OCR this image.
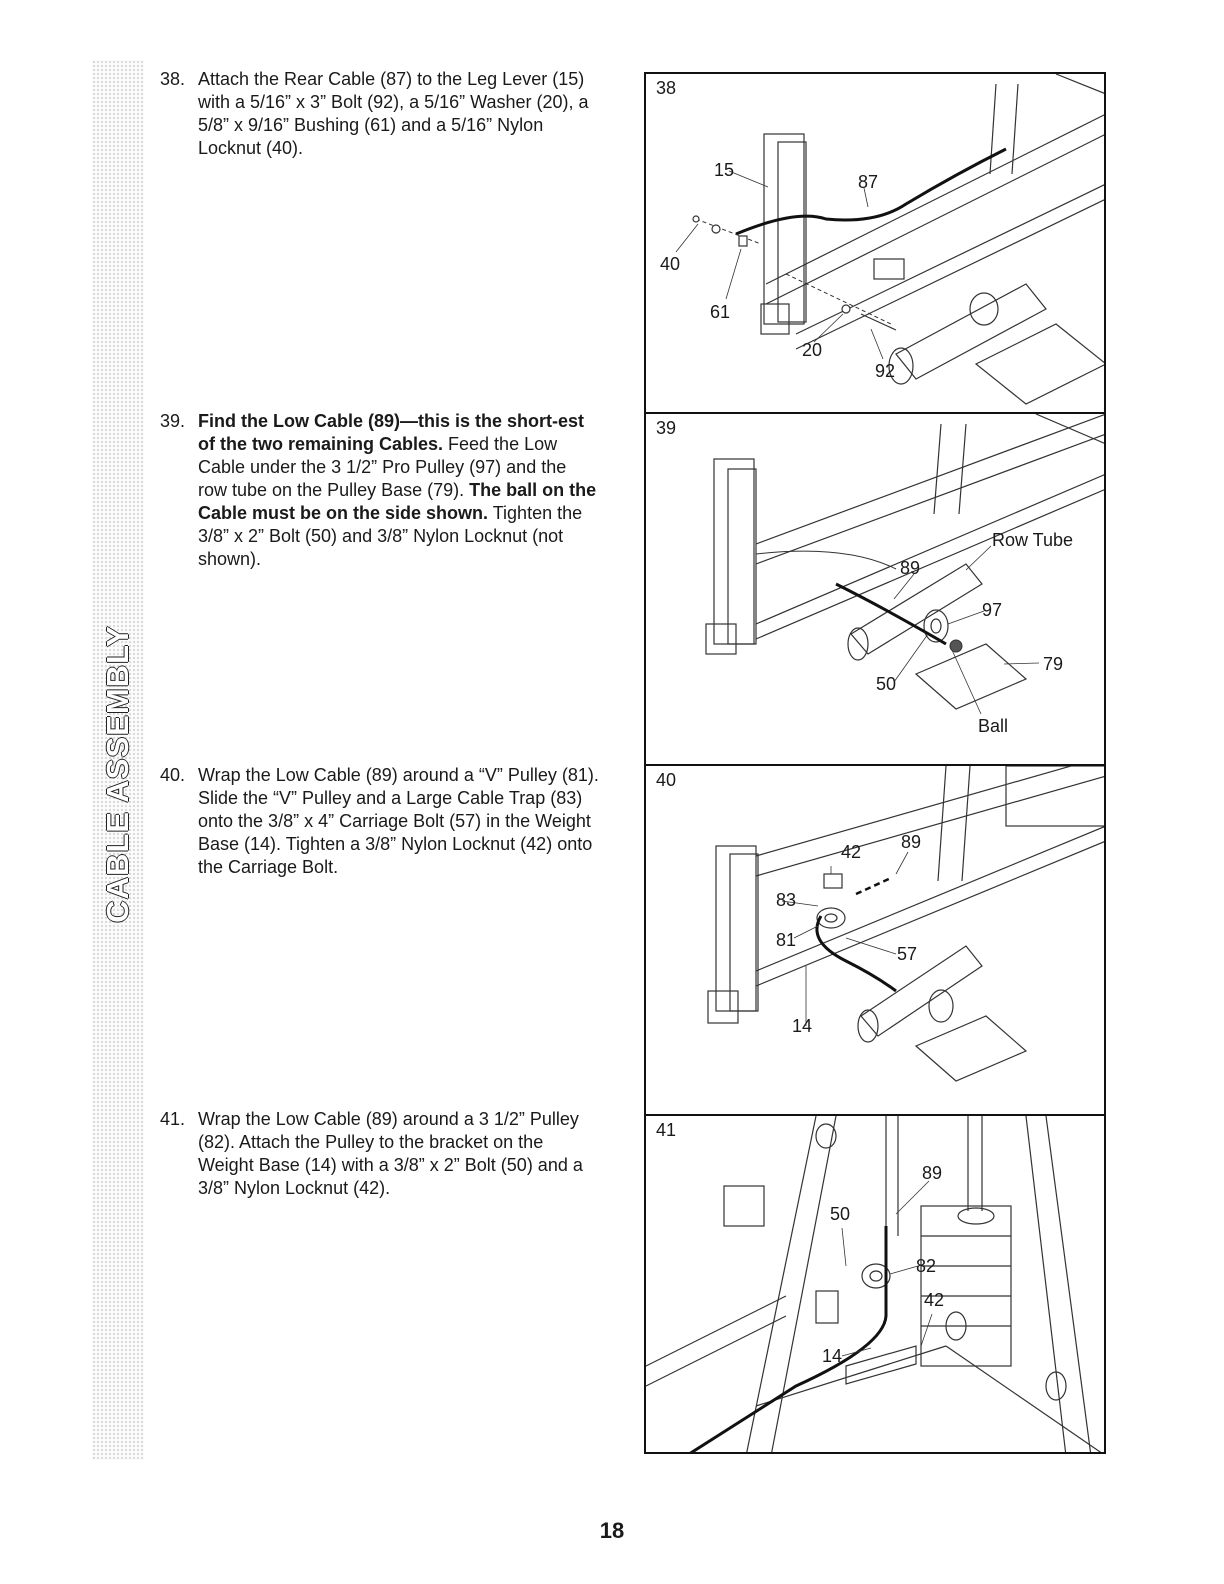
CABLE ASSEMBLY
38. Attach the Rear Cable (87) to the Leg Lever (15) with a 5/16” x 3” Bolt (92), a 5/16” Washer (20), a 5/8” x 9/16” Bushing (61) and a 5/16” Nylon Locknut (40).
39. Find the Low Cable (89)—this is the short-est of the two remaining Cables. Feed the Low Cable under the 3 1/2” Pro Pulley (97) and the row tube on the Pulley Base (79). The ball on the Cable must be on the side shown. Tighten the 3/8” x 2” Bolt (50) and 3/8” Nylon Locknut (not shown).
40. Wrap the Low Cable (89) around a “V” Pulley (81). Slide the “V” Pulley and a Large Cable Trap (83) onto the 3/8” x 4” Carriage Bolt (57) in the Weight Base (14). Tighten a 3/8” Nylon Locknut (42) onto the Carriage Bolt.
41. Wrap the Low Cable (89) around a 3 1/2” Pulley (82). Attach the Pulley to the bracket on the Weight Base (14) with a 3/8” x 2” Bolt (50) and a 3/8” Nylon Locknut (42).
38
15
87
40
61
20
92
39
Row Tube
89
97
79
50
Ball
40
42 89
83
81
57
14
41
89
50
82
42
14
18
